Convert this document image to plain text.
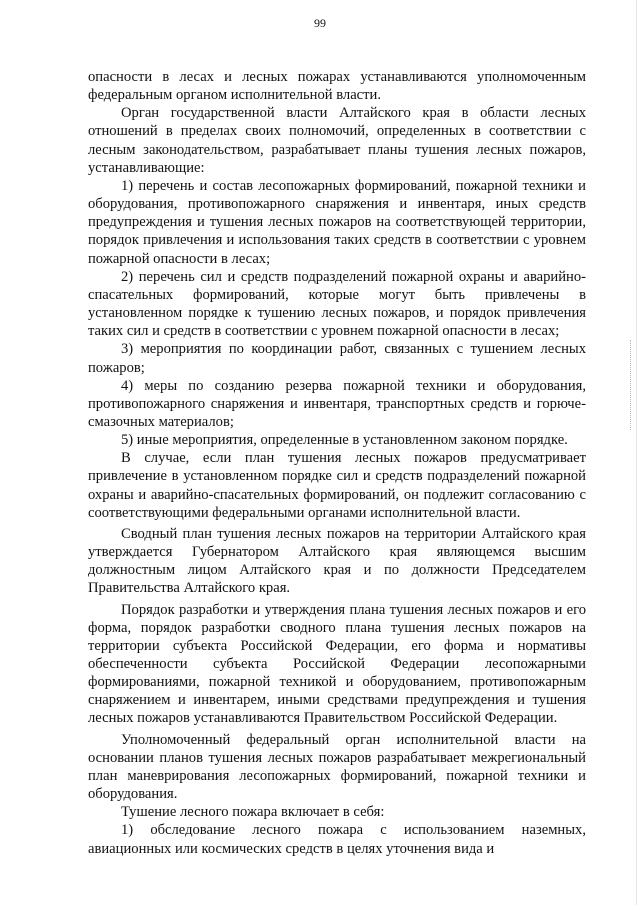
99

опасности в лесах и лесных пожарах устанавливаются уполномоченным федеральным органом исполнительной власти.

Орган государственной власти Алтайского края в области лесных отношений в пределах своих полномочий, определенных в соответствии с лесным законодательством, разрабатывает планы тушения лесных пожаров, устанавливающие:

1) перечень и состав лесопожарных формирований, пожарной техники и оборудования, противопожарного снаряжения и инвентаря, иных средств предупреждения и тушения лесных пожаров на соответствующей территории, порядок привлечения и использования таких средств в соответствии с уровнем пожарной опасности в лесах;

2) перечень сил и средств подразделений пожарной охраны и аварийно-спасательных формирований, которые могут быть привлечены в установленном порядке к тушению лесных пожаров, и порядок привлечения таких сил и средств в соответствии с уровнем пожарной опасности в лесах;

3) мероприятия по координации работ, связанных с тушением лесных пожаров;

4) меры по созданию резерва пожарной техники и оборудования, противопожарного снаряжения и инвентаря, транспортных средств и горюче-смазочных материалов;

5) иные мероприятия, определенные в установленном законом порядке.

В случае, если план тушения лесных пожаров предусматривает привлечение в установленном порядке сил и средств подразделений пожарной охраны и аварийно-спасательных формирований, он подлежит согласованию с соответствующими федеральными органами исполнительной власти.

Сводный план тушения лесных пожаров на территории Алтайского края утверждается Губернатором Алтайского края являющемся высшим должностным лицом Алтайского края и по должности Председателем Правительства Алтайского края.

Порядок разработки и утверждения плана тушения лесных пожаров и его форма, порядок разработки сводного плана тушения лесных пожаров на территории субъекта Российской Федерации, его форма и нормативы обеспеченности субъекта Российской Федерации лесопожарными формированиями, пожарной техникой и оборудованием, противопожарным снаряжением и инвентарем, иными средствами предупреждения и тушения лесных пожаров устанавливаются Правительством Российской Федерации.

Уполномоченный федеральный орган исполнительной власти на основании планов тушения лесных пожаров разрабатывает межрегиональный план маневрирования лесопожарных формирований, пожарной техники и оборудования.

Тушение лесного пожара включает в себя:

1) обследование лесного пожара с использованием наземных, авиационных или космических средств в целях уточнения вида и
